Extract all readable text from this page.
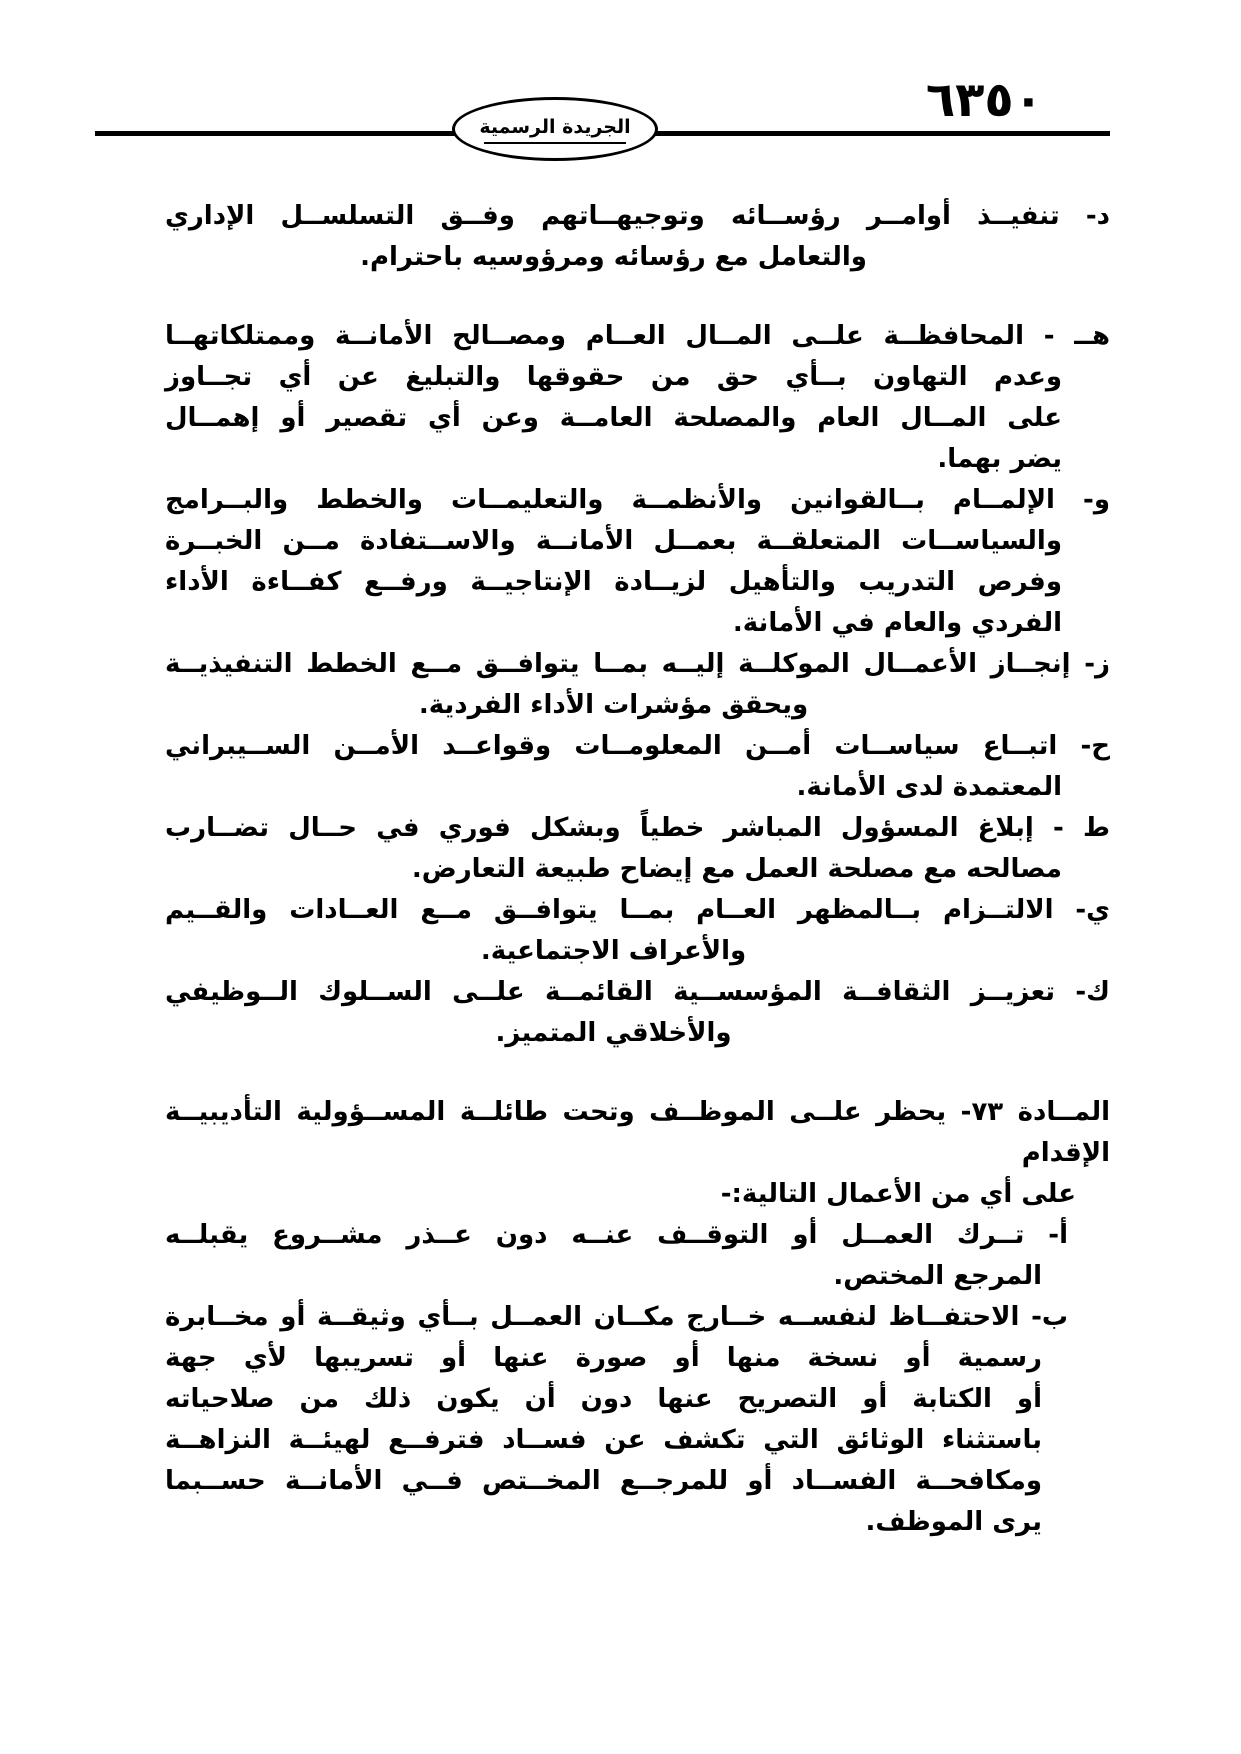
٦٣٥٠
الجريدة الرسمية
د- تنفيــذ أوامــر رؤســائه وتوجيهــاتهم وفــق التسلســل الإداري
والتعامل مع رؤسائه ومرؤوسيه باحترام.
هــ - المحافظــة علــى المــال العــام ومصــالح الأمانــة وممتلكاتهــا
وعدم التهاون بــأي حق من حقوقها والتبليغ عن أي تجــاوز
على المــال العام والمصلحة العامــة وعن أي تقصير أو إهمــال
يضر بهما.
و- الإلمــام بــالقوانين والأنظمــة والتعليمــات والخطط والبــرامج
والسياســات المتعلقــة بعمــل الأمانــة والاســتفادة مــن الخبــرة
وفرص التدريب والتأهيل لزيــادة الإنتاجيــة ورفــع كفــاءة الأداء
الفردي والعام في الأمانة.
ز- إنجــاز الأعمــال الموكلــة إليــه بمــا يتوافــق مــع الخطط التنفيذيــة
ويحقق مؤشرات الأداء الفردية.
ح- اتبــاع سياســات أمــن المعلومــات وقواعــد الأمــن الســيبراني
المعتمدة لدى الأمانة.
ط - إبلاغ المسؤول المباشر خطياً وبشكل فوري في حــال تضــارب
مصالحه مع مصلحة العمل مع إيضاح طبيعة التعارض.
ي- الالتــزام بــالمظهر العــام بمــا يتوافــق مــع العــادات والقــيم
والأعراف الاجتماعية.
ك- تعزيــز الثقافــة المؤسســية القائمــة علــى الســلوك الــوظيفي
والأخلاقي المتميز.
المــادة ٧٣- يحظر علــى الموظــف وتحت طائلــة المســؤولية التأديبيــة الإقدام
على أي من الأعمال التالية:-
أ- تــرك العمــل أو التوقــف عنــه دون عــذر مشــروع يقبلــه
المرجع المختص.
ب- الاحتفــاظ لنفســه خــارج مكــان العمــل بــأي وثيقــة أو مخــابرة
رسمية أو نسخة منها أو صورة عنها أو تسريبها لأي جهة
أو الكتابة أو التصريح عنها دون أن يكون ذلك من صلاحياته
باستثناء الوثائق التي تكشف عن فســاد فترفــع لهيئــة النزاهــة
ومكافحــة الفســاد أو للمرجــع المخــتص فــي الأمانــة حســبما
يرى الموظف.
